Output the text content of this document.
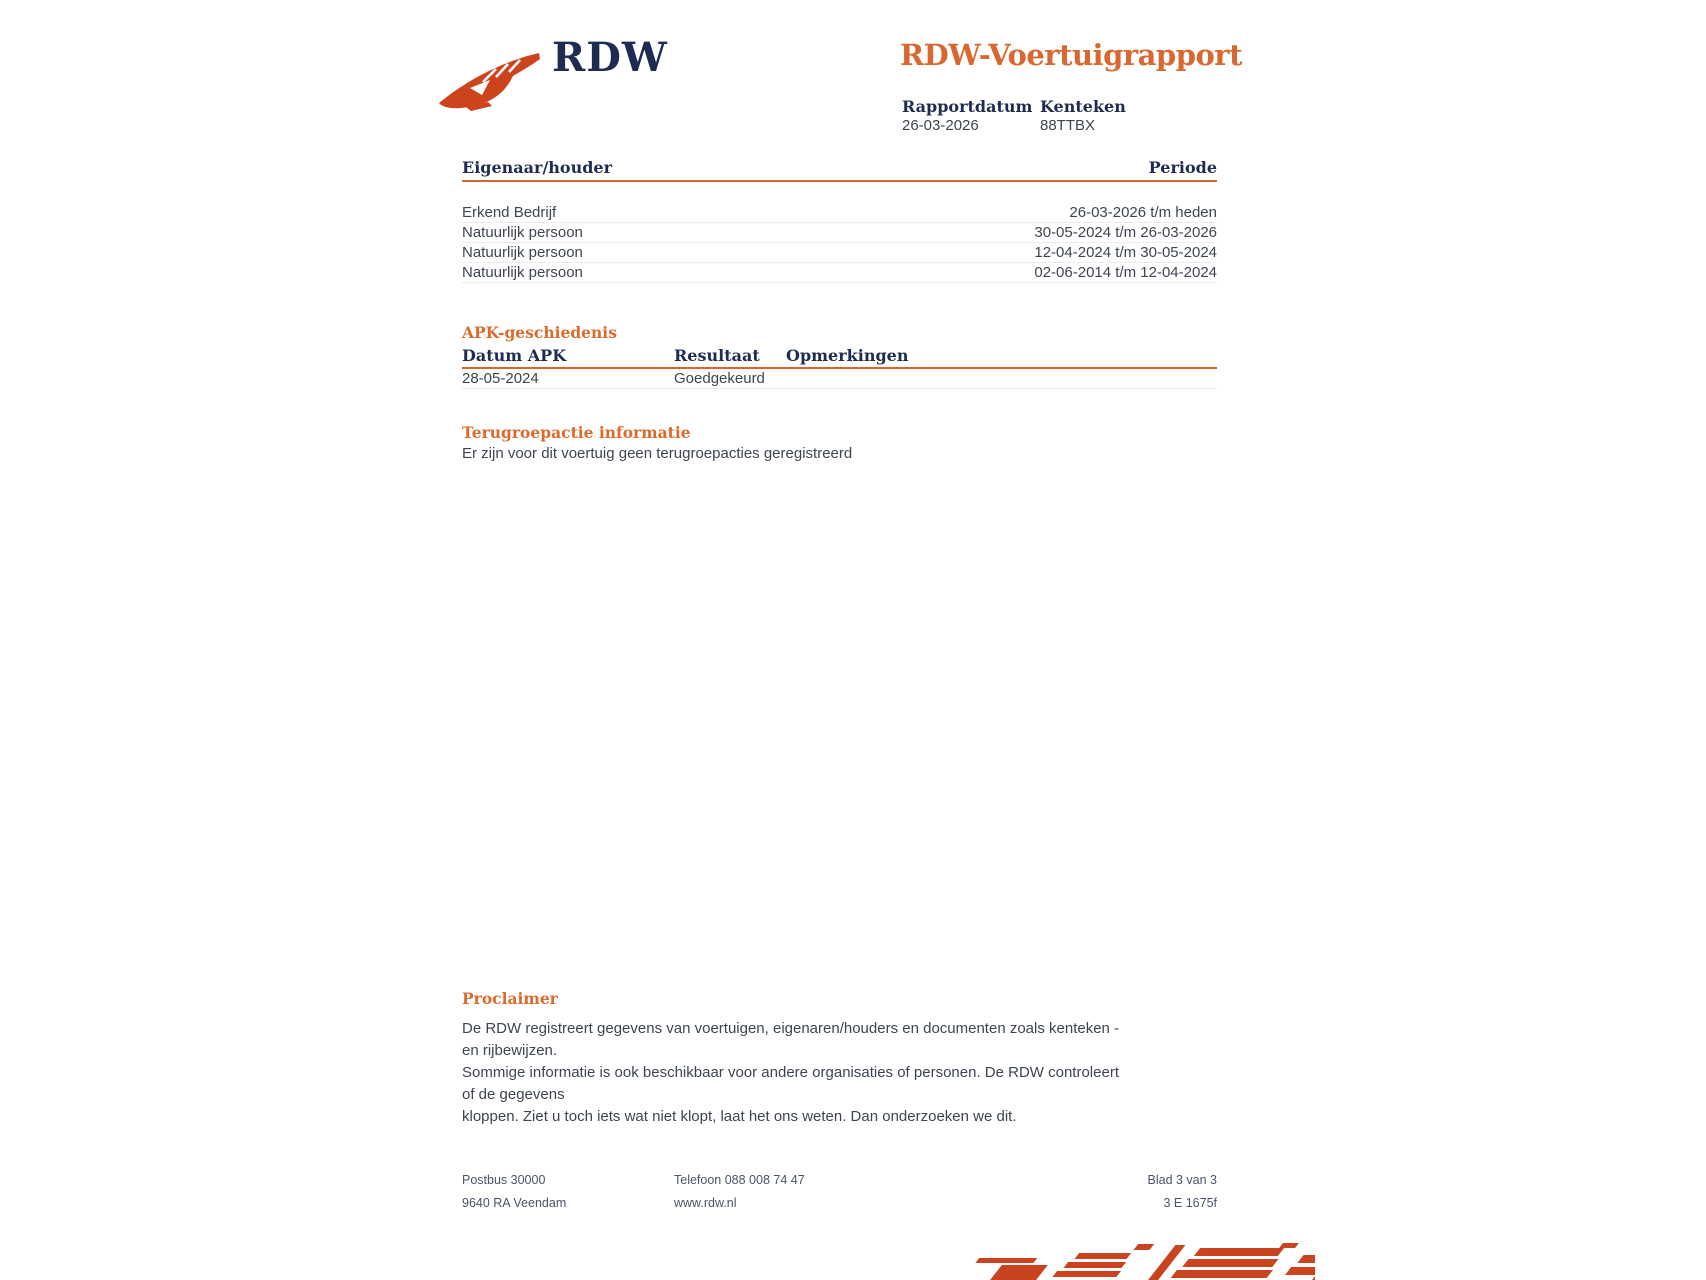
RDW	RDW-Voertuigrapport
Rapportdatum Kenteken
26-03-2026	88TTBX
Eigenaar/houder	Periode
Erkend Bedrijf	26-03-2026 t/m heden
Natuurlijk persoon	30-05-2024 t/m 26-03-2026
Natuurlijk persoon	12-04-2024 t/m 30-05-2024
Natuurlijk persoon	02-06-2014 t/m 12-04-2024
APK-geschiedenis
Datum APK	Resultaat Opmerkingen
28-05-2024	Goedgekeurd
Terugroepactie informatie
Er zijn voor dit voertuig geen terugroepacties geregistreerd
Proclaimer
De RDW registreert gegevens van voertuigen, eigenaren/houders en documenten zoals kenteken - en rijbewijzen.
Sommige informatie is ook beschikbaar voor andere organisaties of personen. De RDW controleert of de gegevens
kloppen. Ziet u toch iets wat niet klopt, laat het ons weten. Dan onderzoeken we dit.
Postbus 30000
9640 RA Veendam
Telefoon 088 008 74 47
www.rdw.nl
Blad 3 van 3
3 E 1675f
